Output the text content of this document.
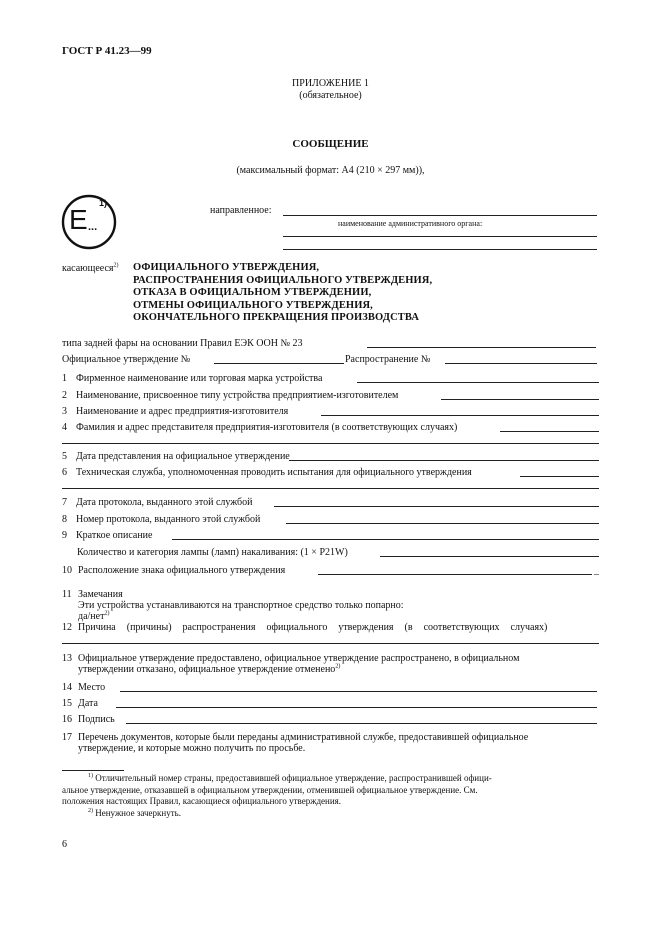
ГОСТ Р 41.23—99
ПРИЛОЖЕНИЕ 1
(обязательное)
СООБЩЕНИЕ
(максимальный формат: А4 (210 × 297 мм)),
E ...
1)
направленное:
наименование административного органа:
касающееся$^{2)}$ ОФИЦИАЛЬНОГО УТВЕРЖДЕНИЯ,
РАСПРОСТРАНЕНИЯ ОФИЦИАЛЬНОГО УТВЕРЖДЕНИЯ,
ОТКАЗА В ОФИЦИАЛЬНОМ УТВЕРЖДЕНИИ,
ОТМЕНЫ ОФИЦИАЛЬНОГО УТВЕРЖДЕНИЯ,
ОКОНЧАТЕЛЬНОГО ПРЕКРАЩЕНИЯ ПРОИЗВОДСТВА
типа задней фары на основании Правил ЕЭК ООН № 23
Официальное утверждение №	Распространение №
1 Фирменное наименование или торговая марка устройства
2 Наименование, присвоенное типу устройства предприятием-изготовителем
3 Наименование и адрес предприятия-изготовителя
4 Фамилия и адрес представителя предприятия-изготовителя (в соответствующих случаях)
5 Дата представления на официальное утверждение
6 Техническая служба, уполномоченная проводить испытания для официального утверждения
7 Дата протокола, выданного этой службой
8 Номер протокола, выданного этой службой
9 Краткое описание
Количество и категория лампы (ламп) накаливания: (1 × P21W)
10 Расположение знака официального утверждения	_
11 Замечания
Эти устройства устанавливаются на транспортное средство только попарно:
да/нет$^{2)}$
12 Причина (причины) распространения официального утверждения (в соответствующих случаях)
13 Официальное утверждение предоставлено, официальное утверждение распространено, в официальном
утверждении отказано, официальное утверждение отменено$^{2)}$
14 Место
15 Дата
16 Подпись
17 Перечень документов, которые были переданы административной службе, предоставившей официальное
утверждение, и которые можно получить по просьбе.
$^{1)}$ Отличительный номер страны, предоставившей официальное утверждение, распространившей офици-
альное утверждение, отказавшей в официальном утверждении, отменившей официальное утверждение. См.
положения настоящих Правил, касающиеся официального утверждения.
$^{2)}$ Ненужное зачеркнуть.
6
